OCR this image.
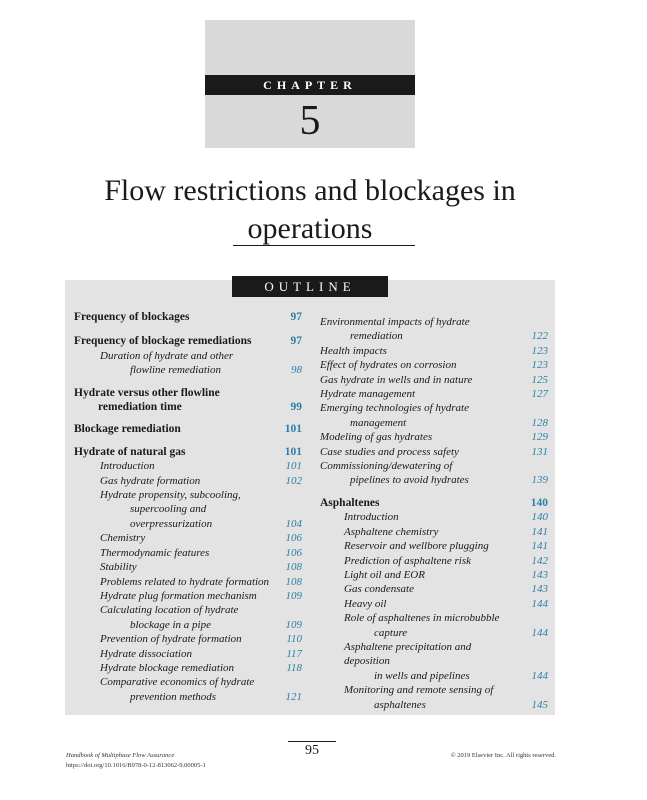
CHAPTER
5
Flow restrictions and blockages in operations
OUTLINE
Frequency of blockages	97
Frequency of blockage remediations	97
Duration of hydrate and other
flowline remediation	98
Hydrate versus other flowline
remediation time	99
Blockage remediation	101
Hydrate of natural gas	101
Introduction	101
Gas hydrate formation	102
Hydrate propensity, subcooling,
supercooling and
overpressurization	104
Chemistry	106
Thermodynamic features	106
Stability	108
Problems related to hydrate formation	108
Hydrate plug formation mechanism	109
Calculating location of hydrate
blockage in a pipe	109
Prevention of hydrate formation	110
Hydrate dissociation	117
Hydrate blockage remediation	118
Comparative economics of hydrate
prevention methods	121
Environmental impacts of hydrate
remediation	122
Health impacts	123
Effect of hydrates on corrosion	123
Gas hydrate in wells and in nature	125
Hydrate management	127
Emerging technologies of hydrate
management	128
Modeling of gas hydrates	129
Case studies and process safety	131
Commissioning/dewatering of
pipelines to avoid hydrates	139
Asphaltenes	140
Introduction	140
Asphaltene chemistry	141
Reservoir and wellbore plugging	141
Prediction of asphaltene risk	142
Light oil and EOR	143
Gas condensate	143
Heavy oil	144
Role of asphaltenes in microbubble
capture	144
Asphaltene precipitation and deposition
in wells and pipelines	144
Monitoring and remote sensing of
asphaltenes	145
95
Handbook of Multiphase Flow Assurance
https://doi.org/10.1016/B978-0-12-813062-9.00005-1
© 2019 Elsevier Inc. All rights reserved.
